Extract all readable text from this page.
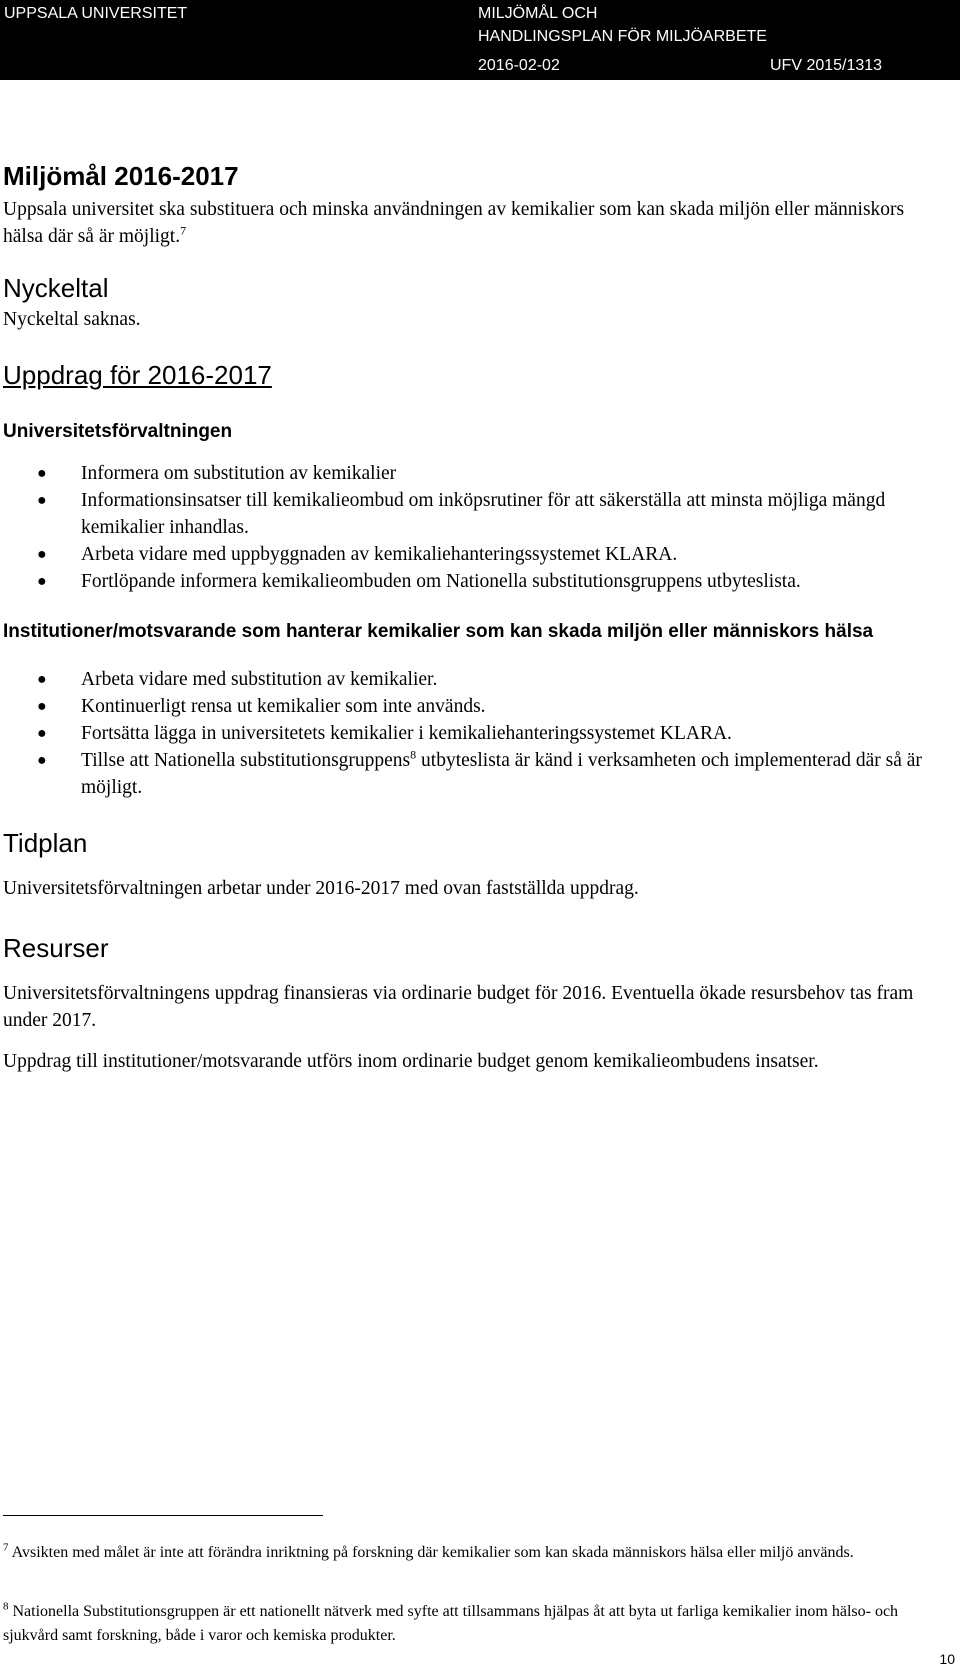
UPPSALA UNIVERSITET	MILJÖMÅL OCH
HANDLINGSPLAN FÖR MILJÖARBETE
2016-02-02	UFV 2015/1313
Miljömål 2016-2017

Uppsala universitet ska substituera och minska användningen av kemikalier som kan skada miljön eller människors hälsa där så är möjligt.$^7$

Nyckeltal

Nyckeltal saknas.

Uppdrag för 2016-2017
Universitetsförvaltningen
● Informera om substitution av kemikalier
● Informationsinsatser till kemikalieombud om inköpsrutiner för att säkerställa att minsta möjliga mängd kemikalier inhandlas.
● Arbeta vidare med uppbyggnaden av kemikaliehanteringssystemet KLARA.
● Fortlöpande informera kemikalieombuden om Nationella substitutionsgruppens utbyteslista.
Institutioner/motsvarande som hanterar kemikalier som kan skada miljön eller människors hälsa
● Arbeta vidare med substitution av kemikalier.
● Kontinuerligt rensa ut kemikalier som inte används.
● Fortsätta lägga in universitetets kemikalier i kemikaliehanteringssystemet KLARA.
● Tillse att Nationella substitutionsgruppens$^8$ utbyteslista är känd i verksamheten och implementerad där så är möjligt.
Tidplan

Universitetsförvaltningen arbetar under 2016-2017 med ovan fastställda uppdrag.

Resurser

Universitetsförvaltningens uppdrag finansieras via ordinarie budget för 2016. Eventuella ökade resursbehov tas fram under 2017.

Uppdrag till institutioner/motsvarande utförs inom ordinarie budget genom kemikalieombudens insatser.

$^7$ Avsikten med målet är inte att förändra inriktning på forskning där kemikalier som kan skada människors hälsa eller miljö används.
$^8$ Nationella Substitutionsgruppen är ett nationellt nätverk med syfte att tillsammans hjälpas åt att byta ut farliga kemikalier inom hälso- och sjukvård samt forskning, både i varor och kemiska produkter.
10
